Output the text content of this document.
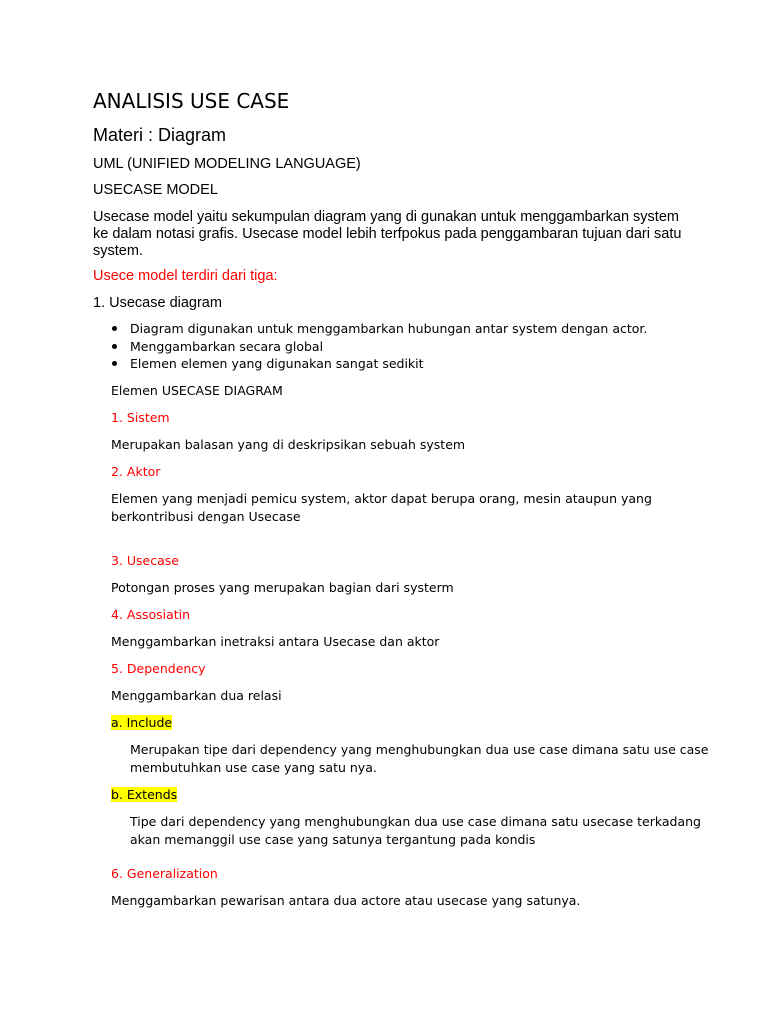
ANALISIS USE CASE
Materi : Diagram
UML (UNIFIED MODELING LANGUAGE)
USECASE MODEL
Usecase model yaitu sekumpulan diagram yang di gunakan untuk menggambarkan system
ke dalam notasi grafis. Usecase model lebih terfpokus pada penggambaran tujuan dari satu
system.
Usece model terdiri dari tiga:
1. Usecase diagram
Diagram digunakan untuk menggambarkan hubungan antar system dengan actor.
Menggambarkan secara global
Elemen elemen yang digunakan sangat sedikit
Elemen USECASE DIAGRAM
1. Sistem
Merupakan balasan yang di deskripsikan sebuah system
2. Aktor
Elemen yang menjadi pemicu system, aktor dapat berupa orang, mesin ataupun yang
berkontribusi dengan Usecase
3. Usecase
Potongan proses yang merupakan bagian dari systerm
4. Assosiatin
Menggambarkan inetraksi antara Usecase dan aktor
5. Dependency
Menggambarkan dua relasi
a. Include
Merupakan tipe dari dependency yang menghubungkan dua use case dimana satu use case
membutuhkan use case yang satu nya.
b. Extends
Tipe dari dependency yang menghubungkan dua use case dimana satu usecase terkadang
akan memanggil use case yang satunya tergantung pada kondis
6. Generalization
Menggambarkan pewarisan antara dua actore atau usecase yang satunya.
